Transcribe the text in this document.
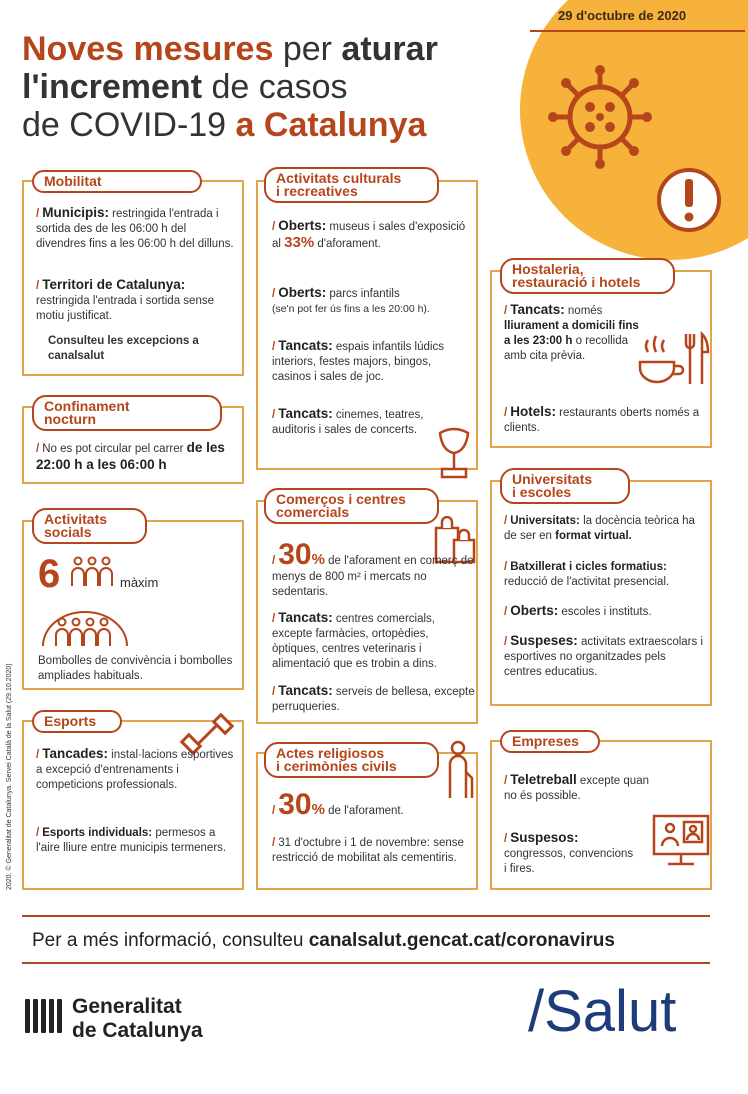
29 d'octubre de 2020
Noves mesures per aturar
l'increment de casos
de COVID-19 a Catalunya
Mobilitat
/ Municipis: restringida l'entrada i sortida des de les 06:00 h del divendres fins a les 06:00 h del dilluns.
/ Territori de Catalunya: restringida l'entrada i sortida sense motiu justificat.
Consulteu les excepcions a canalsalut
Confinament
nocturn
/ No es pot circular pel carrer de les 22:00 h a les 06:00 h
Activitats
socials
6	màxim
Bombolles de convivència i bombolles ampliades habituals.
Esports
/ Tancades: instal·lacions esportives a excepció d'entrenaments i competicions professionals.
/ Esports individuals: permesos a l'aire lliure entre municipis termeners.
Activitats culturals
i recreatives
/ Oberts: museus i sales d'exposició al 33% d'aforament.
/ Oberts: parcs infantils
(se'n pot fer ús fins a les 20:00 h).
/ Tancats: espais infantils lúdics interiors, festes majors, bingos, casinos i sales de joc.
/ Tancats: cinemes, teatres, auditoris i sales de concerts.
Comerços i centres
comercials
/ 30% de l'aforament en comerç de menys de 800 m² i mercats no sedentaris.
/ Tancats: centres comercials, excepte farmàcies, ortopèdies, òptiques, centres veterinaris i alimentació que es trobin a dins.
/ Tancats: serveis de bellesa, excepte perruqueries.
Actes religiosos
i cerimònies civils
/ 30% de l'aforament.
/ 31 d'octubre i 1 de novembre: sense restricció de mobilitat als cementiris.
Hostaleria,
restauració i hotels
/ Tancats: només lliurament a domicili fins a les 23:00 h o recollida amb cita prèvia.
/ Hotels: restaurants oberts només a clients.
Universitats
i escoles
/ Universitats: la docència teòrica ha de ser en format virtual.
/ Batxillerat i cicles formatius: reducció de l'activitat presencial.
/ Oberts: escoles i instituts.
/ Suspeses: activitats extraescolars i esportives no organitzades pels centres educatius.
Empreses
/ Teletreball excepte quan no és possible.
/ Suspesos: congressos, convencions i fires.
2020. © Generalitat de Catalunya. Servei Català de la Salut (29.10.2020)
Per a més informació, consulteu canalsalut.gencat.cat/coronavirus
Generalitat
de Catalunya	/Salut
